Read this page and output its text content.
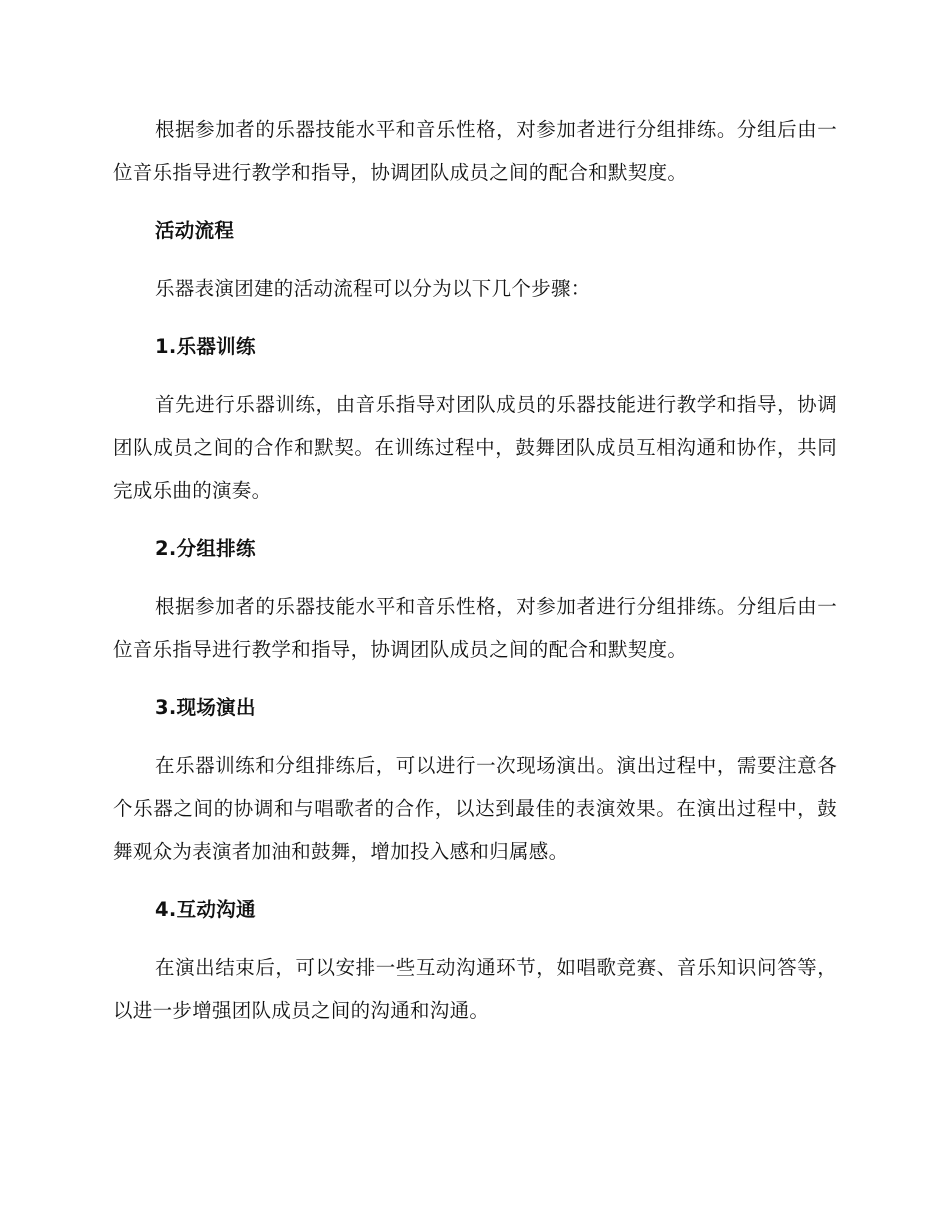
根据参加者的乐器技能水平和音乐性格，对参加者进行分组排练。分组后由一位音乐指导进行教学和指导，协调团队成员之间的配合和默契度。

活动流程

乐器表演团建的活动流程可以分为以下几个步骤：

1.乐器训练

首先进行乐器训练，由音乐指导对团队成员的乐器技能进行教学和指导，协调团队成员之间的合作和默契。在训练过程中，鼓舞团队成员互相沟通和协作，共同完成乐曲的演奏。

2.分组排练

根据参加者的乐器技能水平和音乐性格，对参加者进行分组排练。分组后由一位音乐指导进行教学和指导，协调团队成员之间的配合和默契度。

3.现场演出

在乐器训练和分组排练后，可以进行一次现场演出。演出过程中，需要注意各个乐器之间的协调和与唱歌者的合作，以达到最佳的表演效果。在演出过程中，鼓舞观众为表演者加油和鼓舞，增加投入感和归属感。

4.互动沟通

在演出结束后，可以安排一些互动沟通环节，如唱歌竞赛、音乐知识问答等，以进一步增强团队成员之间的沟通和沟通。
